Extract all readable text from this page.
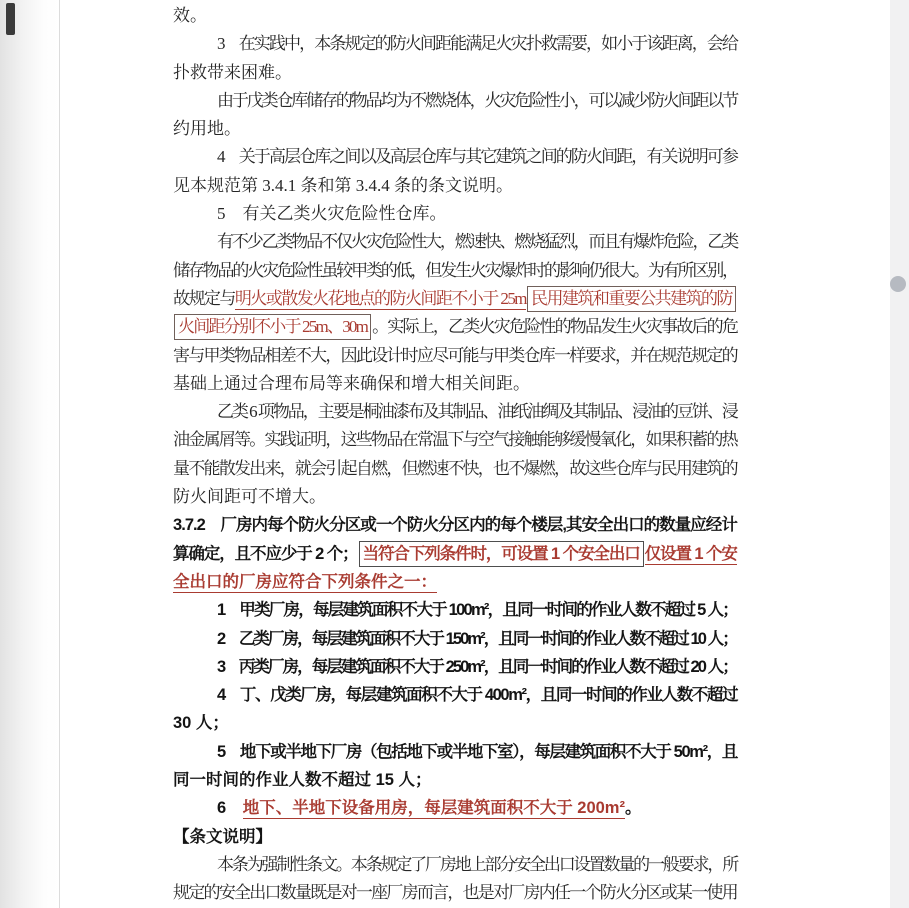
效。
3　在实践中，本条规定的防火间距能满足火灾扑救需要，如小于该距离，会给
扑救带来困难。
由于戊类仓库储存的物品均为不燃烧体，火灾危险性小，可以减少防火间距以节
约用地。
4　关于高层仓库之间以及高层仓库与其它建筑之间的防火间距，有关说明可参
见本规范第 3.4.1 条和第 3.4.4 条的条文说明。
5　有关乙类火灾危险性仓库。
有不少乙类物品不仅火灾危险性大，燃速快、燃烧猛烈，而且有爆炸危险，乙类
储存物品的火灾危险性虽较甲类的低，但发生火灾爆炸时的影响仍很大。为有所区别，
故规定与明火或散发火花地点的防火间距不小于 25m 民用建筑和重要公共建筑的防
火间距分别不小于 25m、30m 。实际上，乙类火灾危险性的物品发生火灾事故后的危
害与甲类物品相差不大，因此设计时应尽可能与甲类仓库一样要求，并在规范规定的
基础上通过合理布局等来确保和增大相关间距。
乙类 6 项物品，主要是桐油漆布及其制品、油纸油绸及其制品、浸油的豆饼、浸
油金属屑等。实践证明，这些物品在常温下与空气接触能够缓慢氧化，如果积蓄的热
量不能散发出来，就会引起自燃，但燃速不快，也不爆燃，故这些仓库与民用建筑的
防火间距可不增大。
3.7.2　厂房内每个防火分区或一个防火分区内的每个楼层,其安全出口的数量应经计
算确定，且不应少于 2 个； 当符合下列条件时，可设置 1 个安全出口 仅设置 1 个安
全出口的厂房应符合下列条件之一：
1　甲类厂房，每层建筑面积不大于 100m²，且同一时间的作业人数不超过 5 人；
2　乙类厂房，每层建筑面积不大于 150m²，且同一时间的作业人数不超过 10 人；
3　丙类厂房，每层建筑面积不大于 250m²，且同一时间的作业人数不超过 20 人；
4　丁、戊类厂房，每层建筑面积不大于 400m²，且同一时间的作业人数不超过
30 人；
5　地下或半地下厂房（包括地下或半地下室），每层建筑面积不大于 50m²，且
同一时间的作业人数不超过 15 人；
6　地下、半地下设备用房，每层建筑面积不大于 200m²。
【条文说明】
本条为强制性条文。本条规定了厂房地上部分安全出口设置数量的一般要求，所
规定的安全出口数量既是对一座厂房而言，也是对厂房内任一个防火分区或某一使用
